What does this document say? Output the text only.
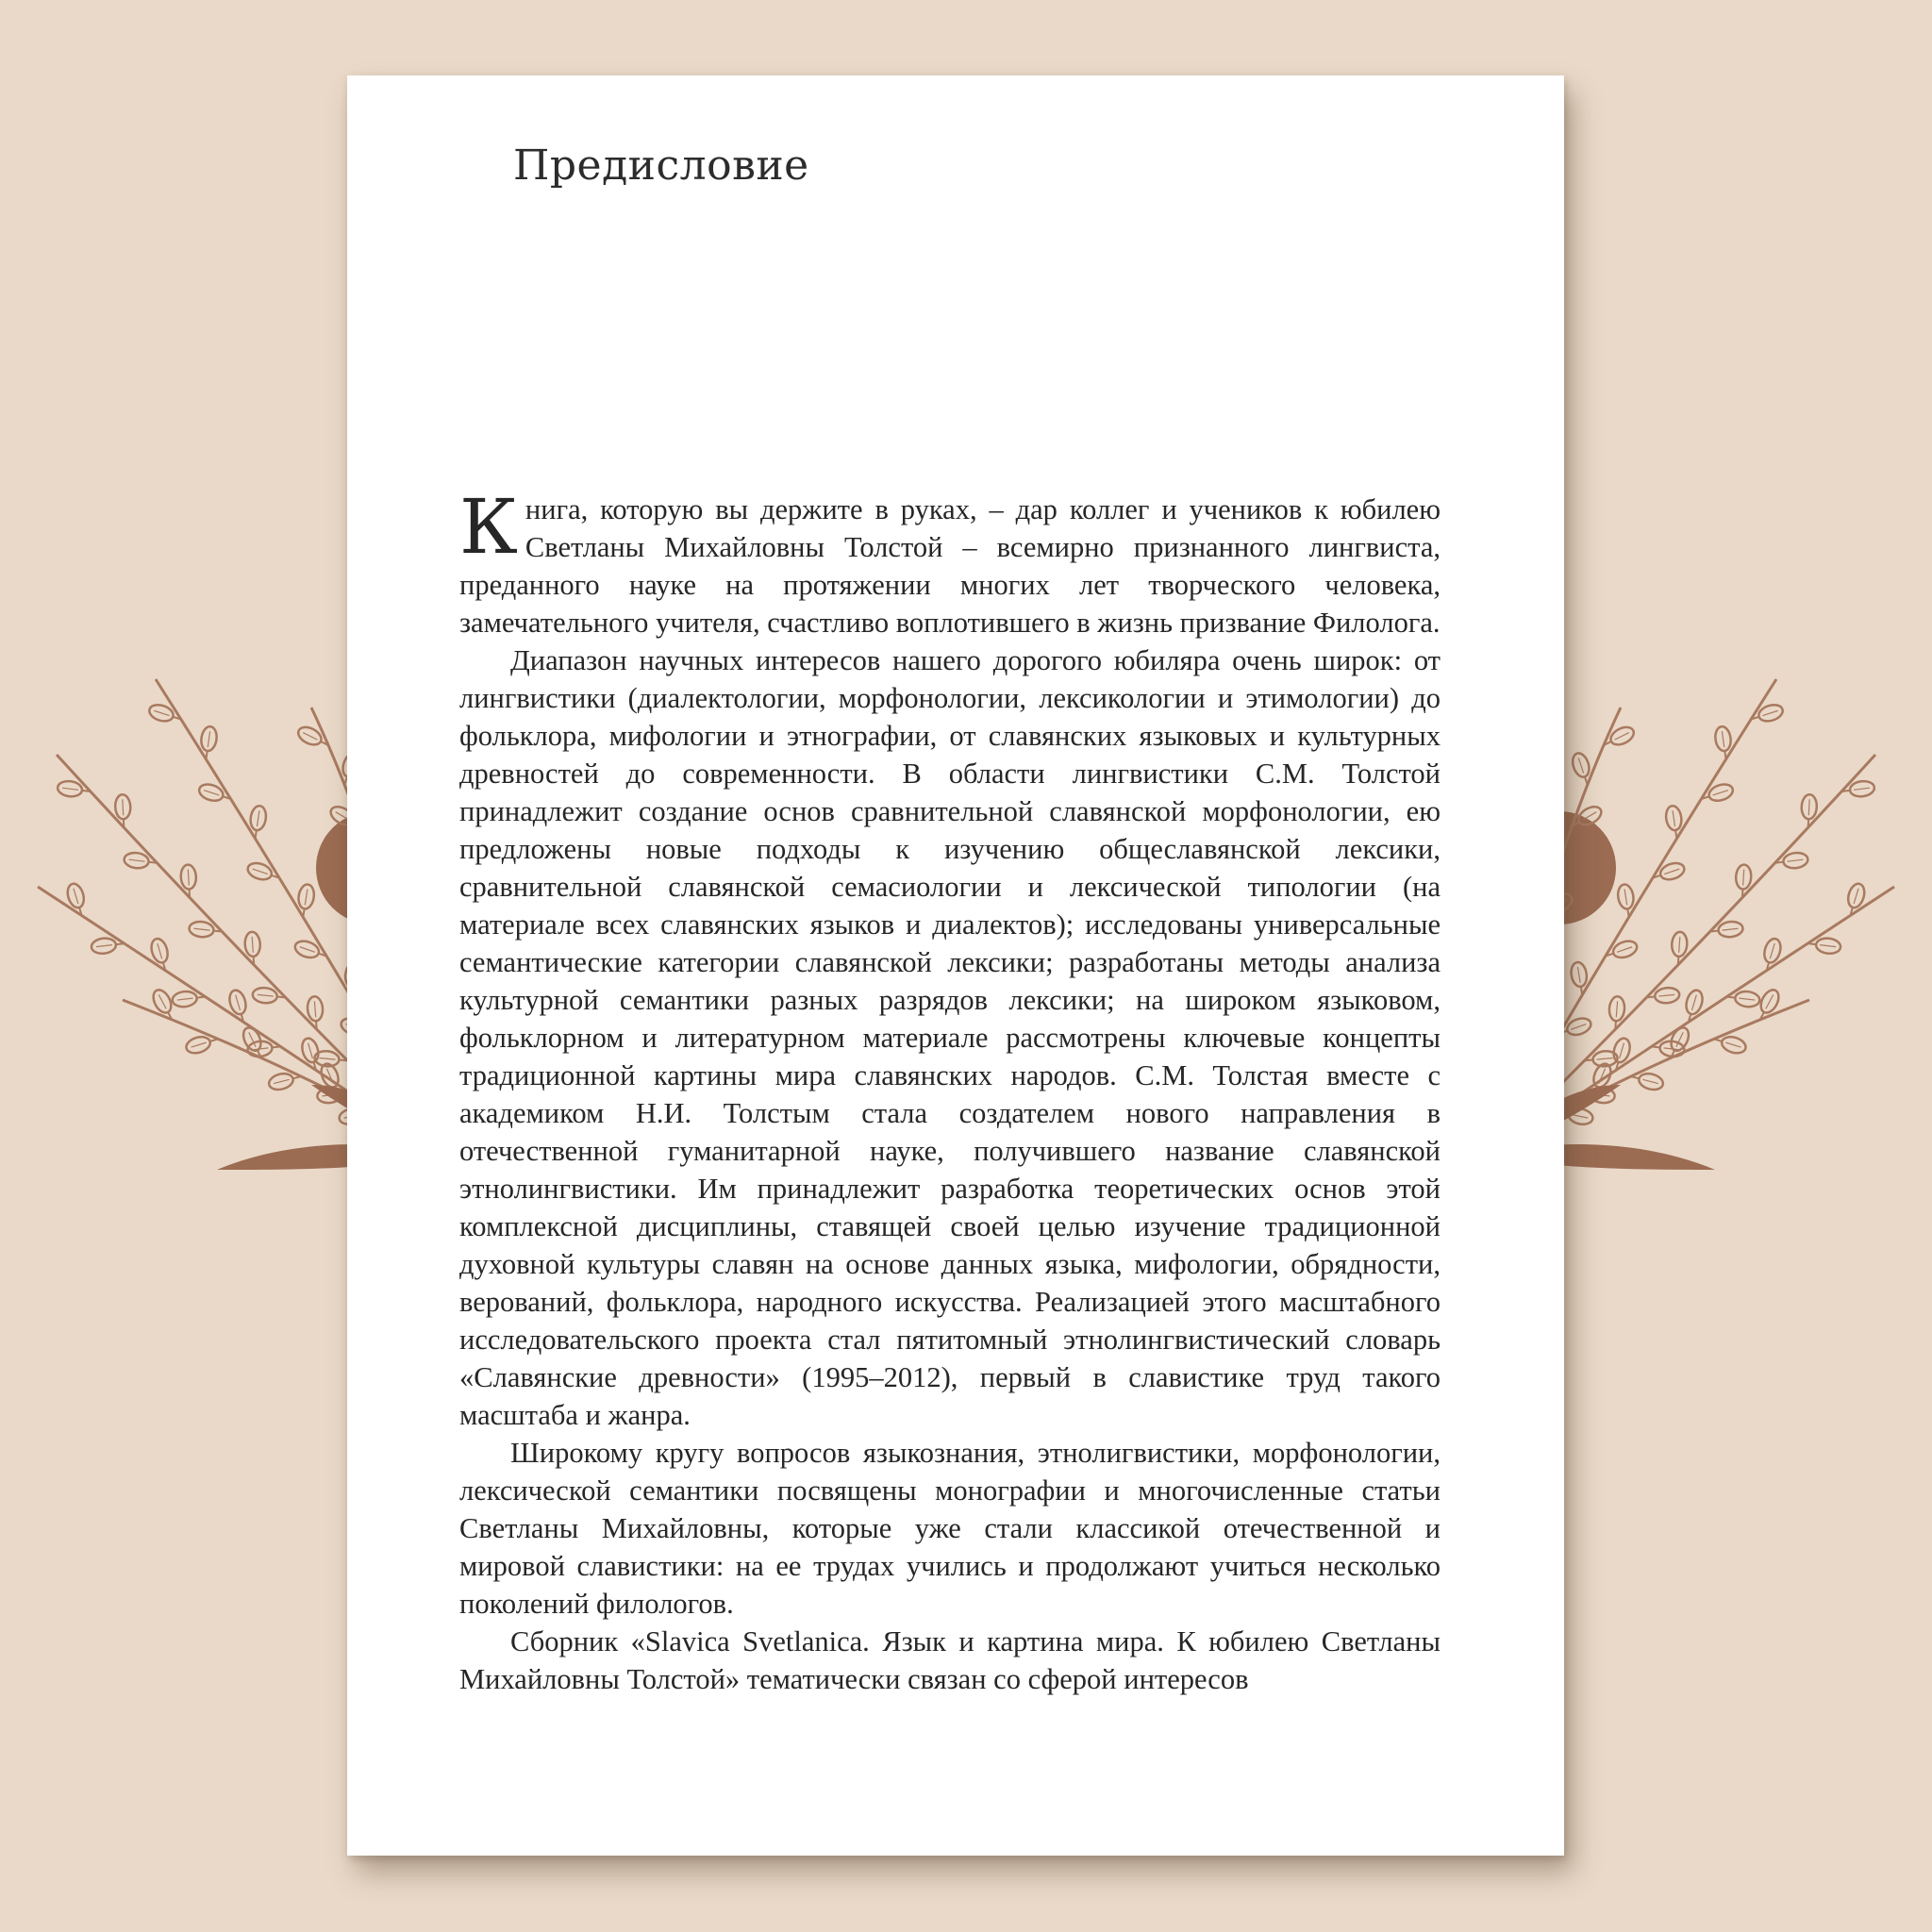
Предисловие

Книга, которую вы держите в руках, – дар коллег и учеников к юбилею Светланы Михайловны Толстой – всемирно признанного лингвиста, преданного науке на протяжении многих лет творческого человека, замечательного учителя, счастливо воплотившего в жизнь призвание Филолога.

Диапазон научных интересов нашего дорогого юбиляра очень широк: от лингвистики (диалектологии, морфонологии, лексикологии и этимологии) до фольклора, мифологии и этнографии, от славянских языковых и культурных древностей до современности. В области лингвистики С.М. Толстой принадлежит создание основ сравнительной славянской морфонологии, ею предложены новые подходы к изучению общеславянской лексики, сравнительной славянской семасиологии и лексической типологии (на материале всех славянских языков и диалектов); исследованы универсальные семантические категории славянской лексики; разработаны методы анализа культурной семантики разных разрядов лексики; на широком языковом, фольклорном и литературном материале рассмотрены ключевые концепты традиционной картины мира славянских народов. С.М. Толстая вместе с академиком Н.И. Толстым стала создателем нового направления в отечественной гуманитарной науке, получившего название славянской этнолингвистики. Им принадлежит разработка теоретических основ этой комплексной дисциплины, ставящей своей целью изучение традиционной духовной культуры славян на основе данных языка, мифологии, обрядности, верований, фольклора, народного искусства. Реализацией этого масштабного исследовательского проекта стал пятитомный этнолингвистический словарь «Славянские древности» (1995–2012), первый в славистике труд такого масштаба и жанра.

Широкому кругу вопросов языкознания, этнолигвистики, морфонологии, лексической семантики посвящены монографии и многочисленные статьи Светланы Михайловны, которые уже стали классикой отечественной и мировой славистики: на ее трудах учились и продолжают учиться несколько поколений филологов.

Сборник «Slavica Svetlanica. Язык и картина мира. К юбилею Светланы Михайловны Толстой» тематически связан со сферой интересов
